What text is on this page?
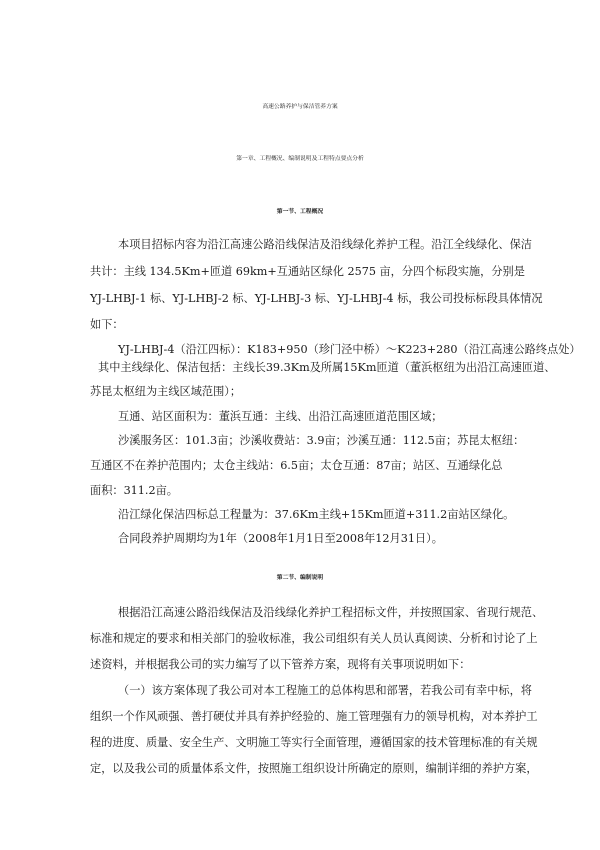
高速公路养护与保洁管养方案
第一章、工程概况、编制说明及工程特点要点分析
第一节、工程概况
本项目招标内容为沿江高速公路沿线保洁及沿线绿化养护工程。沿江全线绿化、保洁
共计：主线 134.5Km+匝道 69km+互通站区绿化 2575 亩，分四个标段实施，分别是
YJ-LHBJ-1 标、YJ-LHBJ-2 标、YJ-LHBJ-3 标、YJ-LHBJ-4 标，我公司投标标段具体情况
如下：
YJ-LHBJ-4（沿江四标）：K183+950（珍门泾中桥）～K223+280（沿江高速公路终点处）
其中主线绿化、保洁包括：主线长39.3Km及所属15Km匝道（董浜枢纽为出沿江高速匝道、
苏昆太枢纽为主线区域范围）；
互通、站区面积为：董浜互通：主线、出沿江高速匝道范围区域；
沙溪服务区：101.3亩；沙溪收费站：3.9亩；沙溪互通：112.5亩；苏昆太枢纽：
互通区不在养护范围内；太仓主线站：6.5亩；太仓互通：87亩；站区、互通绿化总
面积：311.2亩。
沿江绿化保洁四标总工程量为：37.6Km主线+15Km匝道+311.2亩站区绿化。
合同段养护周期均为1年（2008年1月1日至2008年12月31日）。
第二节、编制说明
根据沿江高速公路沿线保洁及沿线绿化养护工程招标文件，并按照国家、省现行规范、
标准和规定的要求和相关部门的验收标准，我公司组织有关人员认真阅读、分析和讨论了上
述资料，并根据我公司的实力编写了以下管养方案，现将有关事项说明如下：
（一）该方案体现了我公司对本工程施工的总体构思和部署，若我公司有幸中标，将
组织一个作风顽强、善打硬仗并具有养护经验的、施工管理强有力的领导机构，对本养护工
程的进度、质量、安全生产、文明施工等实行全面管理，遵循国家的技术管理标准的有关规
定，以及我公司的质量体系文件，按照施工组织设计所确定的原则，编制详细的养护方案，
